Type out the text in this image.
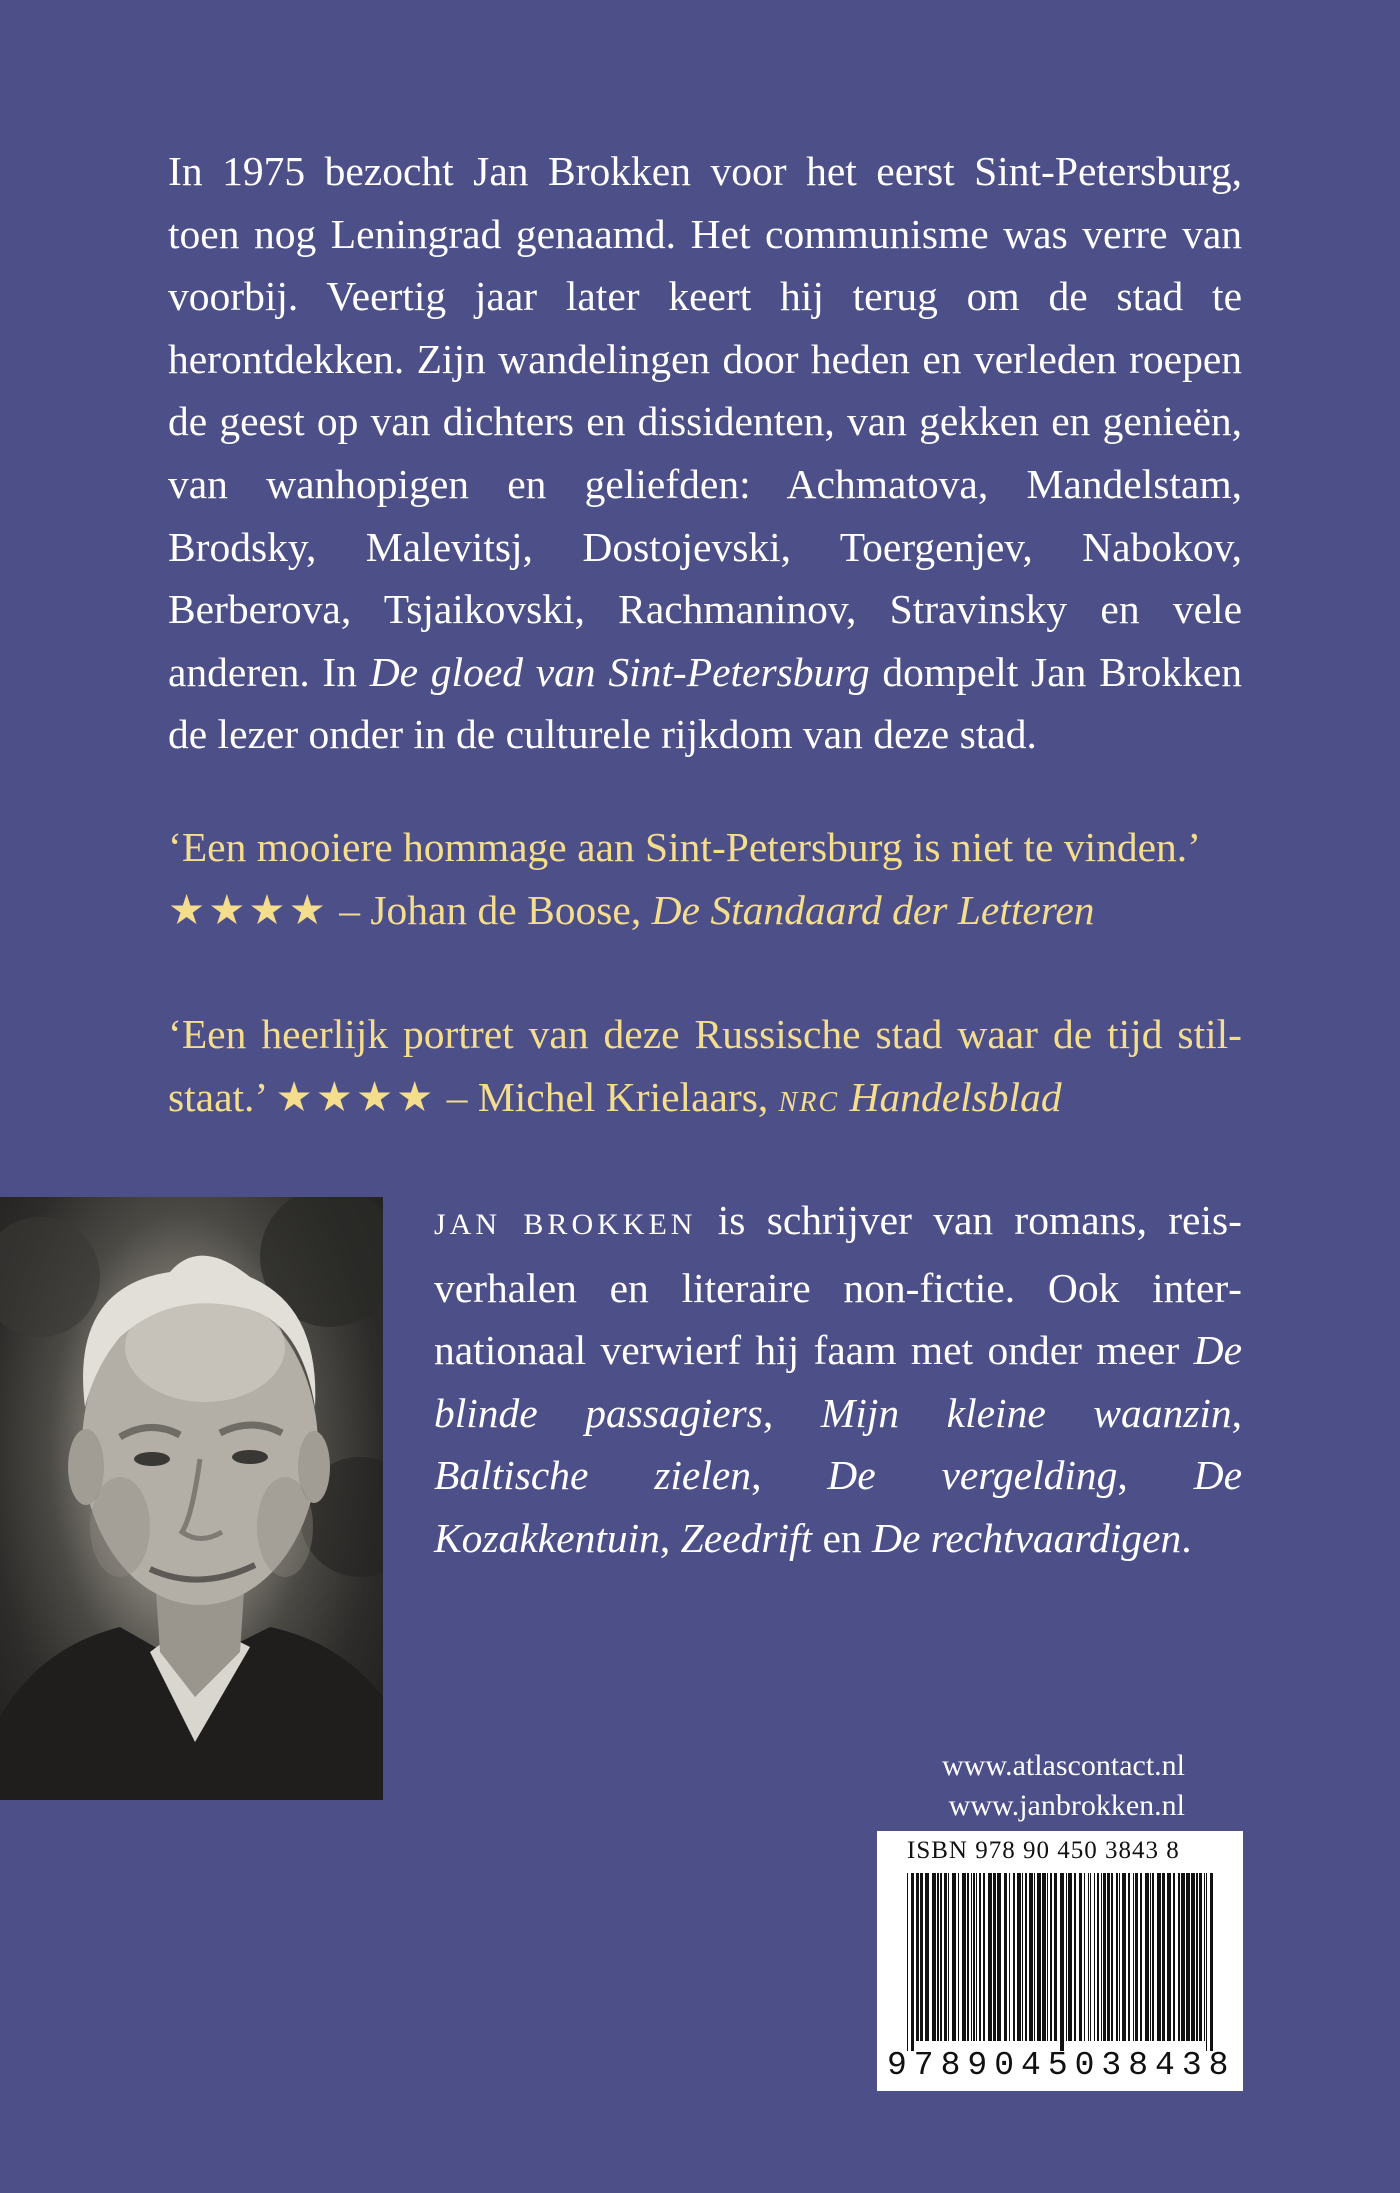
In 1975 bezocht Jan Brokken voor het eerst Sint-Petersburg, toen nog Leningrad genaamd. Het communisme was verre van voorbij. Veertig jaar later keert hij terug om de stad te herontdekken. Zijn wandelingen door heden en verleden roepen de geest op van dichters en dissidenten, van gekken en genieën, van wanhopigen en geliefden: Achmatova, Mandelstam, Brodsky, Malevitsj, Dostojevski, Toergenjev, Nabokov, Berberova, Tsjaikovski, Rachmaninov, Stravinsky en vele anderen. In De gloed van Sint-Petersburg dompelt Jan Brokken de lezer onder in de culturele rijkdom van deze stad.

‘Een mooiere hommage aan Sint-Petersburg is niet te vinden.’
★★★★ – Johan de Boose, De Standaard der Letteren

‘Een heerlijk portret van deze Russische stad waar de tijd stilstaat.’ ★★★★ – Michel Krielaars, NRC Handelsblad

JAN BROKKEN is schrijver van romans, reisverhalen en literaire non-fictie. Ook internationaal verwierf hij faam met onder meer De blinde passagiers, Mijn kleine waanzin, Baltische zielen, De vergelding, De Kozakkentuin, Zeedrift en De rechtvaardigen.

www.atlascontact.nl
www.janbrokken.nl
ISBN 978 90 450 3843 8
9789045038438
